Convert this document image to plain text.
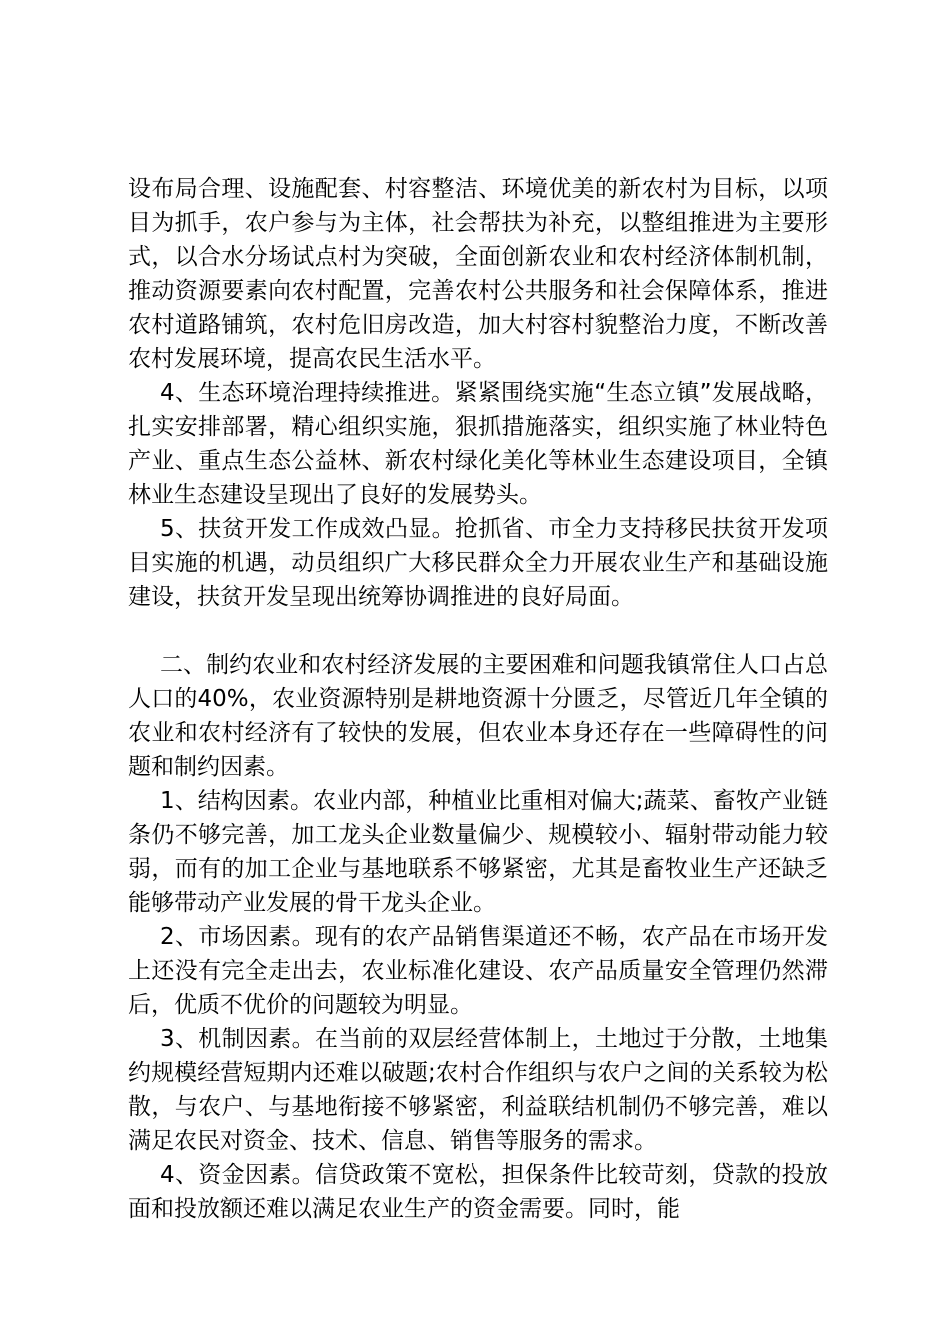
设布局合理、设施配套、村容整洁、环境优美的新农村为目标，以项目为抓手，农户参与为主体，社会帮扶为补充，以整组推进为主要形式，以合水分场试点村为突破，全面创新农业和农村经济体制机制，推动资源要素向农村配置，完善农村公共服务和社会保障体系，推进农村道路铺筑，农村危旧房改造，加大村容村貌整治力度，不断改善农村发展环境，提高农民生活水平。

4、生态环境治理持续推进。紧紧围绕实施“生态立镇”发展战略，扎实安排部署，精心组织实施，狠抓措施落实，组织实施了林业特色产业、重点生态公益林、新农村绿化美化等林业生态建设项目，全镇林业生态建设呈现出了良好的发展势头。

5、扶贫开发工作成效凸显。抢抓省、市全力支持移民扶贫开发项目实施的机遇，动员组织广大移民群众全力开展农业生产和基础设施建设，扶贫开发呈现出统筹协调推进的良好局面。

二、制约农业和农村经济发展的主要困难和问题我镇常住人口占总人口的40%，农业资源特别是耕地资源十分匮乏，尽管近几年全镇的农业和农村经济有了较快的发展，但农业本身还存在一些障碍性的问题和制约因素。

1、结构因素。农业内部，种植业比重相对偏大;蔬菜、畜牧产业链条仍不够完善，加工龙头企业数量偏少、规模较小、辐射带动能力较弱，而有的加工企业与基地联系不够紧密，尤其是畜牧业生产还缺乏能够带动产业发展的骨干龙头企业。

2、市场因素。现有的农产品销售渠道还不畅，农产品在市场开发上还没有完全走出去，农业标准化建设、农产品质量安全管理仍然滞后，优质不优价的问题较为明显。

3、机制因素。在当前的双层经营体制上，土地过于分散，土地集约规模经营短期内还难以破题;农村合作组织与农户之间的关系较为松散，与农户、与基地衔接不够紧密，利益联结机制仍不够完善，难以满足农民对资金、技术、信息、销售等服务的需求。

4、资金因素。信贷政策不宽松，担保条件比较苛刻，贷款的投放面和投放额还难以满足农业生产的资金需要。同时，能
